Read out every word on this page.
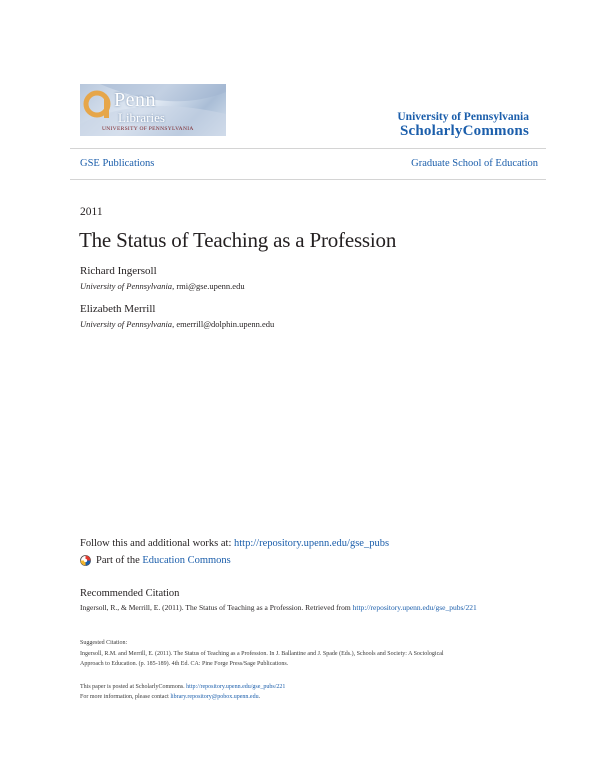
Penn
Libraries
UNIVERSITY OF PENNSYLVANIA
University of Pennsylvania
ScholarlyCommons
GSE Publications	Graduate School of Education
2011
The Status of Teaching as a Profession
Richard Ingersoll
University of Pennsylvania, rmi@gse.upenn.edu
Elizabeth Merrill
University of Pennsylvania, emerrill@dolphin.upenn.edu
Follow this and additional works at: http://repository.upenn.edu/gse_pubs
Part of the
Education Commons
Recommended Citation
Ingersoll, R., & Merrill, E. (2011). The Status of Teaching as a Profession. Retrieved from http://repository.upenn.edu/gse_pubs/221
Suggested Citation:
Ingersoll, R.M. and Merrill, E. (2011). The Status of Teaching as a Profession. In J. Ballantine and J. Spade (Eds.), Schools and Society: A Sociological
Approach to Education. (p. 185-189). 4th Ed. CA: Pine Forge Press/Sage Publications.
This paper is posted at ScholarlyCommons. http://repository.upenn.edu/gse_pubs/221
For more information, please contact library.repository@pobox.upenn.edu.
